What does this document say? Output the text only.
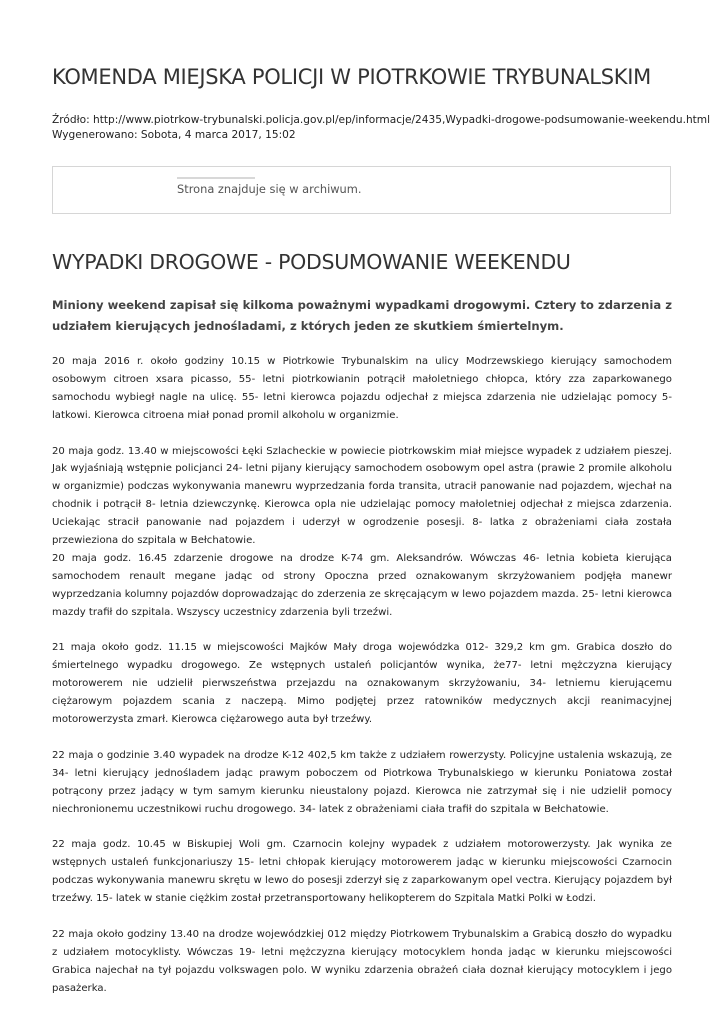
KOMENDA MIEJSKA POLICJI W PIOTRKOWIE TRYBUNALSKIM
Źródło: http://www.piotrkow-trybunalski.policja.gov.pl/ep/informacje/2435,Wypadki-drogowe-podsumowanie-weekendu.html
Wygenerowano: Sobota, 4 marca 2017, 15:02
Strona znajduje się w archiwum.
WYPADKI DROGOWE - PODSUMOWANIE WEEKENDU

Miniony weekend zapisał się kilkoma poważnymi wypadkami drogowymi. Cztery to zdarzenia z udziałem kierujących jednośladami, z których jeden ze skutkiem śmiertelnym.

20 maja 2016 r. około godziny 10.15 w Piotrkowie Trybunalskim na ulicy Modrzewskiego kierujący samochodem osobowym citroen xsara picasso, 55- letni piotrkowianin potrącił małoletniego chłopca, który zza zaparkowanego samochodu wybiegł nagle na ulicę. 55- letni kierowca pojazdu odjechał z miejsca zdarzenia nie udzielając pomocy 5- latkowi. Kierowca citroena miał ponad promil alkoholu w organizmie.

20 maja godz. 13.40 w miejscowości Łęki Szlacheckie w powiecie piotrkowskim miał miejsce wypadek z udziałem pieszej. Jak wyjaśniają wstępnie policjanci 24- letni pijany kierujący samochodem osobowym opel astra (prawie 2 promile alkoholu w organizmie) podczas wykonywania manewru wyprzedzania forda transita, utracił panowanie nad pojazdem, wjechał na chodnik i potrącił 8- letnia dziewczynkę. Kierowca opla nie udzielając pomocy małoletniej odjechał z miejsca zdarzenia. Uciekając stracił panowanie nad pojazdem i uderzył w ogrodzenie posesji. 8- latka z obrażeniami ciała została przewieziona do szpitala w Bełchatowie.

20 maja godz. 16.45 zdarzenie drogowe na drodze K-74 gm. Aleksandrów. Wówczas 46- letnia kobieta kierująca samochodem renault megane jadąc od strony Opoczna przed oznakowanym skrzyżowaniem podjęła manewr wyprzedzania kolumny pojazdów doprowadzając do zderzenia ze skręcającym w lewo pojazdem mazda. 25- letni kierowca mazdy trafił do szpitala. Wszyscy uczestnicy zdarzenia byli trzeźwi.

21 maja około godz. 11.15 w miejscowości Majków Mały droga wojewódzka 012- 329,2 km gm. Grabica doszło do śmiertelnego wypadku drogowego. Ze wstępnych ustaleń policjantów wynika, że77- letni mężczyzna kierujący motorowerem nie udzielił pierwszeństwa przejazdu na oznakowanym skrzyżowaniu, 34- letniemu kierującemu ciężarowym pojazdem scania z naczepą. Mimo podjętej przez ratowników medycznych akcji reanimacyjnej motorowerzysta zmarł. Kierowca ciężarowego auta był trzeźwy.

22 maja o godzinie 3.40 wypadek na drodze K-12 402,5 km także z udziałem rowerzysty. Policyjne ustalenia wskazują, ze 34- letni kierujący jednośladem jadąc prawym poboczem od Piotrkowa Trybunalskiego w kierunku Poniatowa został potrącony przez jadący w tym samym kierunku nieustalony pojazd. Kierowca nie zatrzymał się i nie udzielił pomocy niechronionemu uczestnikowi ruchu drogowego. 34- latek z obrażeniami ciała trafił do szpitala w Bełchatowie.

22 maja godz. 10.45 w Biskupiej Woli gm. Czarnocin kolejny wypadek z udziałem motorowerzysty. Jak wynika ze wstępnych ustaleń funkcjonariuszy 15- letni chłopak kierujący motorowerem jadąc w kierunku miejscowości Czarnocin podczas wykonywania manewru skrętu w lewo do posesji zderzył się z zaparkowanym opel vectra. Kierujący pojazdem był trzeźwy. 15- latek w stanie ciężkim został przetransportowany helikopterem do Szpitala Matki Polki w Łodzi.

22 maja około godziny 13.40 na drodze wojewódzkiej 012 między Piotrkowem Trybunalskim a Grabicą doszło do wypadku z udziałem motocyklisty. Wówczas 19- letni mężczyzna kierujący motocyklem honda jadąc w kierunku miejscowości Grabica najechał na tył pojazdu volkswagen polo. W wyniku zdarzenia obrażeń ciała doznał kierujący motocyklem i jego pasażerka.
